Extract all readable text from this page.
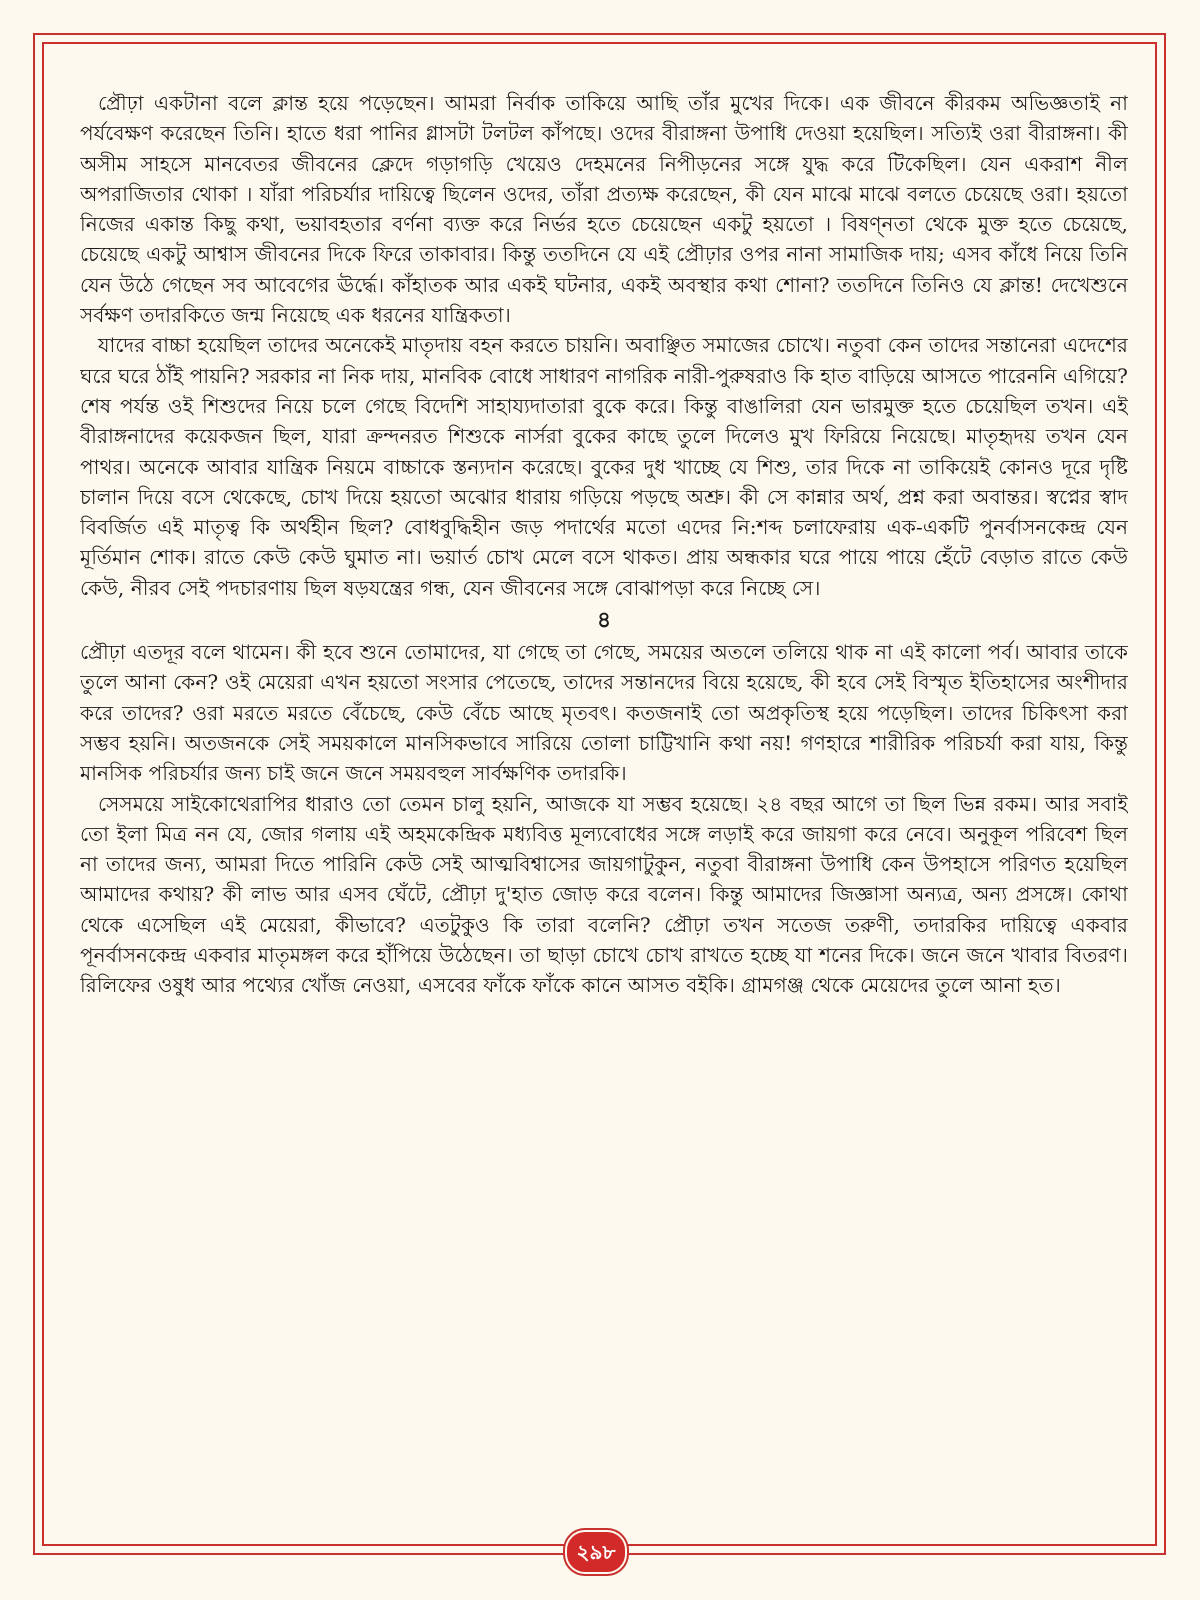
প্রৌঢ়া একটানা বলে ক্লান্ত হয়ে পড়েছেন। আমরা নির্বাক তাকিয়ে আছি তাঁর মুখের দিকে। এক জীবনে কীরকম অভিজ্ঞতাই না পর্যবেক্ষণ করেছেন তিনি। হাতে ধরা পানির গ্লাসটা টলটল কাঁপছে। ওদের বীরাঙ্গনা উপাধি দেওয়া হয়েছিল। সত্যিই ওরা বীরাঙ্গনা। কী অসীম সাহসে মানবেতর জীবনের ক্লেদে গড়াগড়ি খেয়েও দেহমনের নিপীড়নের সঙ্গে যুদ্ধ করে টিকেছিল। যেন একরাশ নীল অপরাজিতার থোকা । যাঁরা পরিচর্যার দায়িত্বে ছিলেন ওদের, তাঁরা প্রত্যক্ষ করেছেন, কী যেন মাঝে মাঝে বলতে চেয়েছে ওরা। হয়তো নিজের একান্ত কিছু কথা, ভয়াবহতার বর্ণনা ব্যক্ত করে নির্ভর হতে চেয়েছেন একটু হয়তো । বিষণ্নতা থেকে মুক্ত হতে চেয়েছে, চেয়েছে একটু আশ্বাস জীবনের দিকে ফিরে তাকাবার। কিন্তু ততদিনে যে এই প্রৌঢ়ার ওপর নানা সামাজিক দায়; এসব কাঁধে নিয়ে তিনি যেন উঠে গেছেন সব আবেগের ঊর্দ্ধে। কাঁহাতক আর একই ঘটনার, একই অবস্থার কথা শোনা? ততদিনে তিনিও যে ক্লান্ত! দেখেশুনে সর্বক্ষণ তদারকিতে জন্ম নিয়েছে এক ধরনের যান্ত্রিকতা।

যাদের বাচ্চা হয়েছিল তাদের অনেকেই মাতৃদায় বহন করতে চায়নি। অবাঞ্ছিত সমাজের চোখে। নতুবা কেন তাদের সন্তানেরা এদেশের ঘরে ঘরে ঠাঁই পায়নি? সরকার না নিক দায়, মানবিক বোধে সাধারণ নাগরিক নারী-পুরুষরাও কি হাত বাড়িয়ে আসতে পারেননি এগিয়ে? শেষ পর্যন্ত ওই শিশুদের নিয়ে চলে গেছে বিদেশি সাহায্যদাতারা বুকে করে। কিন্তু বাঙালিরা যেন ভারমুক্ত হতে চেয়েছিল তখন। এই বীরাঙ্গনাদের কয়েকজন ছিল, যারা ক্রন্দনরত শিশুকে নার্সরা বুকের কাছে তুলে দিলেও মুখ ফিরিয়ে নিয়েছে। মাতৃহৃদয় তখন যেন পাথর। অনেকে আবার যান্ত্রিক নিয়মে বাচ্চাকে স্তন্যদান করেছে। বুকের দুধ খাচ্ছে যে শিশু, তার দিকে না তাকিয়েই কোনও দূরে দৃষ্টি চালান দিয়ে বসে থেকেছে, চোখ দিয়ে হয়তো অঝোর ধারায় গড়িয়ে পড়ছে অশ্রু। কী সে কান্নার অর্থ, প্রশ্ন করা অবান্তর। স্বপ্নের স্বাদ বিবর্জিত এই মাতৃত্ব কি অর্থহীন ছিল? বোধবুদ্ধিহীন জড় পদার্থের মতো এদের নি:শব্দ চলাফেরায় এক-একটি পুনর্বাসনকেন্দ্র যেন মূর্তিমান শোক। রাতে কেউ কেউ ঘুমাত না। ভয়ার্ত চোখ মেলে বসে থাকত। প্রায় অন্ধকার ঘরে পায়ে পায়ে হেঁটে বেড়াত রাতে কেউ কেউ, নীরব সেই পদচারণায় ছিল ষড়যন্ত্রের গন্ধ, যেন জীবনের সঙ্গে বোঝাপড়া করে নিচ্ছে সে।

৪

প্রৌঢ়া এতদূর বলে থামেন। কী হবে শুনে তোমাদের, যা গেছে তা গেছে, সময়ের অতলে তলিয়ে থাক না এই কালো পর্ব। আবার তাকে তুলে আনা কেন? ওই মেয়েরা এখন হয়তো সংসার পেতেছে, তাদের সন্তানদের বিয়ে হয়েছে, কী হবে সেই বিস্মৃত ইতিহাসের অংশীদার করে তাদের? ওরা মরতে মরতে বেঁচেছে, কেউ বেঁচে আছে মৃতবৎ। কতজনাই তো অপ্রকৃতিস্থ হয়ে পড়েছিল। তাদের চিকিৎসা করা সম্ভব হয়নি। অতজনকে সেই সময়কালে মানসিকভাবে সারিয়ে তোলা চাট্টিখানি কথা নয়! গণহারে শারীরিক পরিচর্যা করা যায়, কিন্তু মানসিক পরিচর্যার জন্য চাই জনে জনে সময়বহুল সার্বক্ষণিক তদারকি।

সেসময়ে সাইকোথেরাপির ধারাও তো তেমন চালু হয়নি, আজকে যা সম্ভব হয়েছে। ২৪ বছর আগে তা ছিল ভিন্ন রকম। আর সবাই তো ইলা মিত্র নন যে, জোর গলায় এই অহমকেন্দ্রিক মধ্যবিত্ত মূল্যবোধের সঙ্গে লড়াই করে জায়গা করে নেবে। অনুকূল পরিবেশ ছিল না তাদের জন্য, আমরা দিতে পারিনি কেউ সেই আত্মবিশ্বাসের জায়গাটুকুন, নতুবা বীরাঙ্গনা উপাধি কেন উপহাসে পরিণত হয়েছিল আমাদের কথায়? কী লাভ আর এসব ঘেঁটে, প্রৌঢ়া দু'হাত জোড় করে বলেন। কিন্তু আমাদের জিজ্ঞাসা অন্যত্র, অন্য প্রসঙ্গে। কোথা থেকে এসেছিল এই মেয়েরা, কীভাবে? এতটুকুও কি তারা বলেনি? প্রৌঢ়া তখন সতেজ তরুণী, তদারকির দায়িত্বে একবার পূনর্বাসনকেন্দ্র একবার মাতৃমঙ্গল করে হাঁপিয়ে উঠেছেন। তা ছাড়া চোখে চোখ রাখতে হচ্ছে যা শনের দিকে। জনে জনে খাবার বিতরণ। রিলিফের ওষুধ আর পথ্যের খোঁজ নেওয়া, এসবের ফাঁকে ফাঁকে কানে আসত বইকি। গ্রামগঞ্জ থেকে মেয়েদের তুলে আনা হত।

২৯৮
